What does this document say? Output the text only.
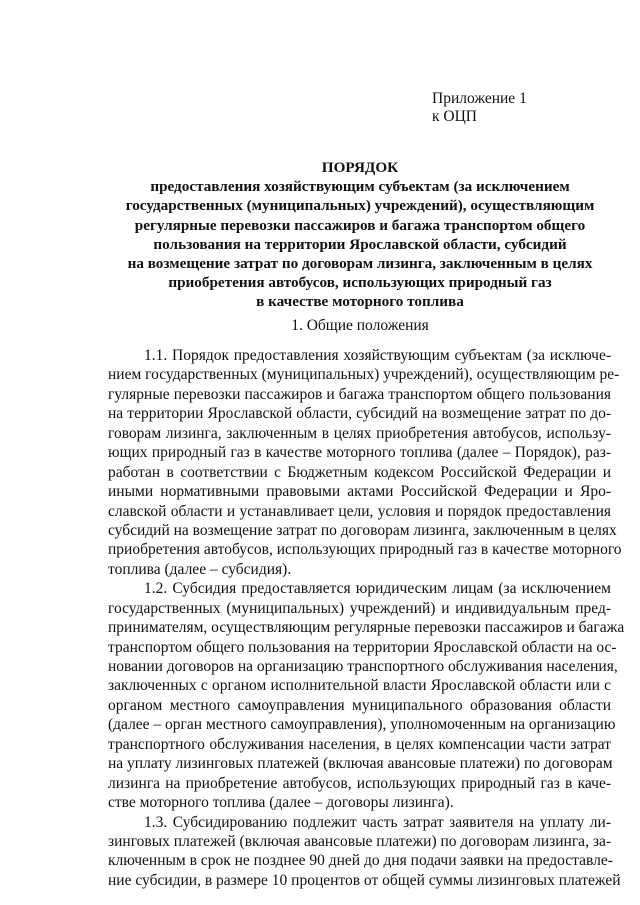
Приложение 1
к ОЦП
ПОРЯДОК
предоставления хозяйствующим субъектам (за исключением
государственных (муниципальных) учреждений), осуществляющим
регулярные перевозки пассажиров и багажа транспортом общего
пользования на территории Ярославской области, субсидий
на возмещение затрат по договорам лизинга, заключенным в целях
приобретения автобусов, использующих природный газ
в качестве моторного топлива
1. Общие положения
1.1. Порядок предоставления хозяйствующим субъектам (за исключе-
нием государственных (муниципальных) учреждений), осуществляющим ре-
гулярные перевозки пассажиров и багажа транспортом общего пользования
на территории Ярославской области, субсидий на возмещение затрат по до-
говорам лизинга, заключенным в целях приобретения автобусов, использу-
ющих природный газ в качестве моторного топлива (далее – Порядок), раз-
работан в соответствии с Бюджетным кодексом Российской Федерации и
иными нормативными правовыми актами Российской Федерации и Яро-
славской области и устанавливает цели, условия и порядок предоставления
субсидий на возмещение затрат по договорам лизинга, заключенным в целях
приобретения автобусов, использующих природный газ в качестве моторного
топлива (далее – субсидия).
1.2. Субсидия предоставляется юридическим лицам (за исключением
государственных (муниципальных) учреждений) и индивидуальным пред-
принимателям, осуществляющим регулярные перевозки пассажиров и багажа
транспортом общего пользования на территории Ярославской области на ос-
новании договоров на организацию транспортного обслуживания населения,
заключенных с органом исполнительной власти Ярославской области или с
органом местного самоуправления муниципального образования области
(далее – орган местного самоуправления), уполномоченным на организацию
транспортного обслуживания населения, в целях компенсации части затрат
на уплату лизинговых платежей (включая авансовые платежи) по договорам
лизинга на приобретение автобусов, использующих природный газ в каче-
стве моторного топлива (далее – договоры лизинга).
1.3. Субсидированию подлежит часть затрат заявителя на уплату ли-
зинговых платежей (включая авансовые платежи) по договорам лизинга, за-
ключенным в срок не позднее 90 дней до дня подачи заявки на предоставле-
ние субсидии, в размере 10 процентов от общей суммы лизинговых платежей
